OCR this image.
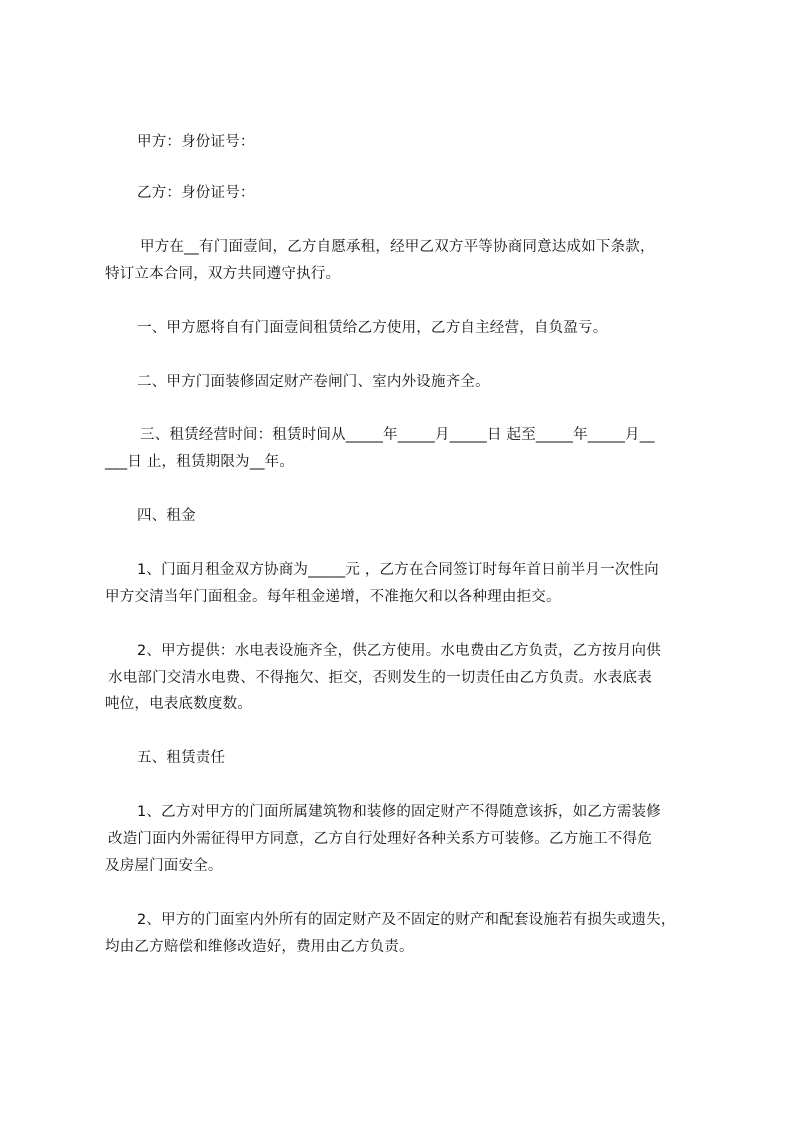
甲方：身份证号：

乙方：身份证号：

甲方在__有门面壹间，乙方自愿承租，经甲乙双方平等协商同意达成如下条款，

特订立本合同，双方共同遵守执行。

一、甲方愿将自有门面壹间租赁给乙方使用，乙方自主经营，自负盈亏。

二、甲方门面装修固定财产卷闸门、室内外设施齐全。

三、租赁经营时间：租赁时间从_____年_____月_____日 起至_____年_____月__

___日 止，租赁期限为__年。

四、租金

1、门面月租金双方协商为_____元 ，乙方在合同签订时每年首日前半月一次性向

甲方交清当年门面租金。每年租金递增，不准拖欠和以各种理由拒交。

2、甲方提供：水电表设施齐全，供乙方使用。水电费由乙方负责，乙方按月向供

水电部门交清水电费、不得拖欠、拒交，否则发生的一切责任由乙方负责。水表底表

吨位，电表底数度数。

五、租赁责任

1、乙方对甲方的门面所属建筑物和装修的固定财产不得随意该拆，如乙方需装修

改造门面内外需征得甲方同意，乙方自行处理好各种关系方可装修。乙方施工不得危

及房屋门面安全。

2、甲方的门面室内外所有的固定财产及不固定的财产和配套设施若有损失或遗失，

均由乙方赔偿和维修改造好，费用由乙方负责。
